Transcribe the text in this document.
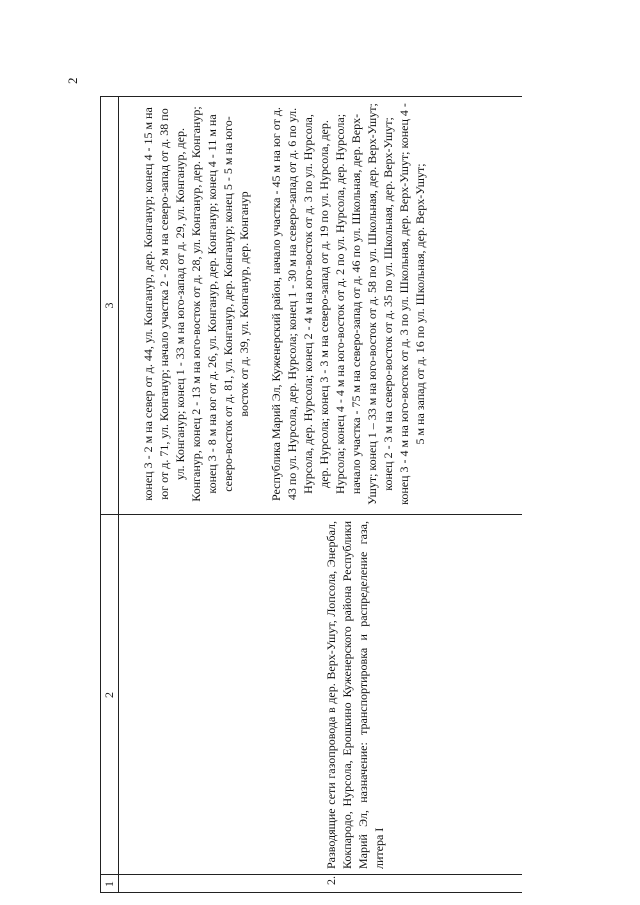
2
1
2
3
2.
Разводящие сети газопровода в дер. Верх-Ушут, Лопсола, Энербал, Кокпародо, Нурсола, Ерошкино Куженерского района Республики Марий Эл, назначение: транспортировка и распределение газа, литера I

конец 3 - 2 м на север от д. 44, ул. Конганур, дер. Конганур; конец 4 - 15 м на юг от д. 71, ул. Конганур; начало участка 2 - 28 м на северо-запад от д. 38 по ул. Конганур; конец 1 - 33 м на юго-запад от д. 29, ул. Конганур, дер. Конганур, конец 2 - 13 м на юго-восток от д. 28, ул. Конганур, дер. Конганур; конец 3 - 8 м на юг от д. 26, ул. Конганур, дер. Конганур; конец 4 - 11 м на северо-восток от д. 81, ул. Конганур, дер. Конганур; конец 5 - 5 м на юго-восток от д. 39, ул. Конганур, дер. Конганур Республика Марий Эл, Куженерский район, начало участка - 45 м на юг от д. 43 по ул. Нурсола, дер. Нурсола; конец 1 - 30 м на северо-запад от д. 6 по ул. Нурсола, дер. Нурсола; конец 2 - 4 м на юго-восток от д. 3 по ул. Нурсола, дер. Нурсола; конец 3 - 3 м на северо-запад от д. 19 по ул. Нурсола, дер. Нурсола; конец 4 - 4 м на юго-восток от д. 2 по ул. Нурсола, дер. Нурсола; начало участка - 75 м на северо-запад от д. 46 по ул. Школьная, дер. Верх-Ушут; конец 1 – 33 м на юго-восток от д. 58 по ул. Школьная, дер. Верх-Ушут; конец 2 - 3 м на северо-восток от д. 35 по ул. Школьная, дер. Верх-Ушут; конец 3 - 4 м на юго-восток от д. 3 по ул. Школьная, дер. Верх-Ушут; конец 4 - 5 м на запад от д. 16 по ул. Школьная, дер. Верх-Ушут;
